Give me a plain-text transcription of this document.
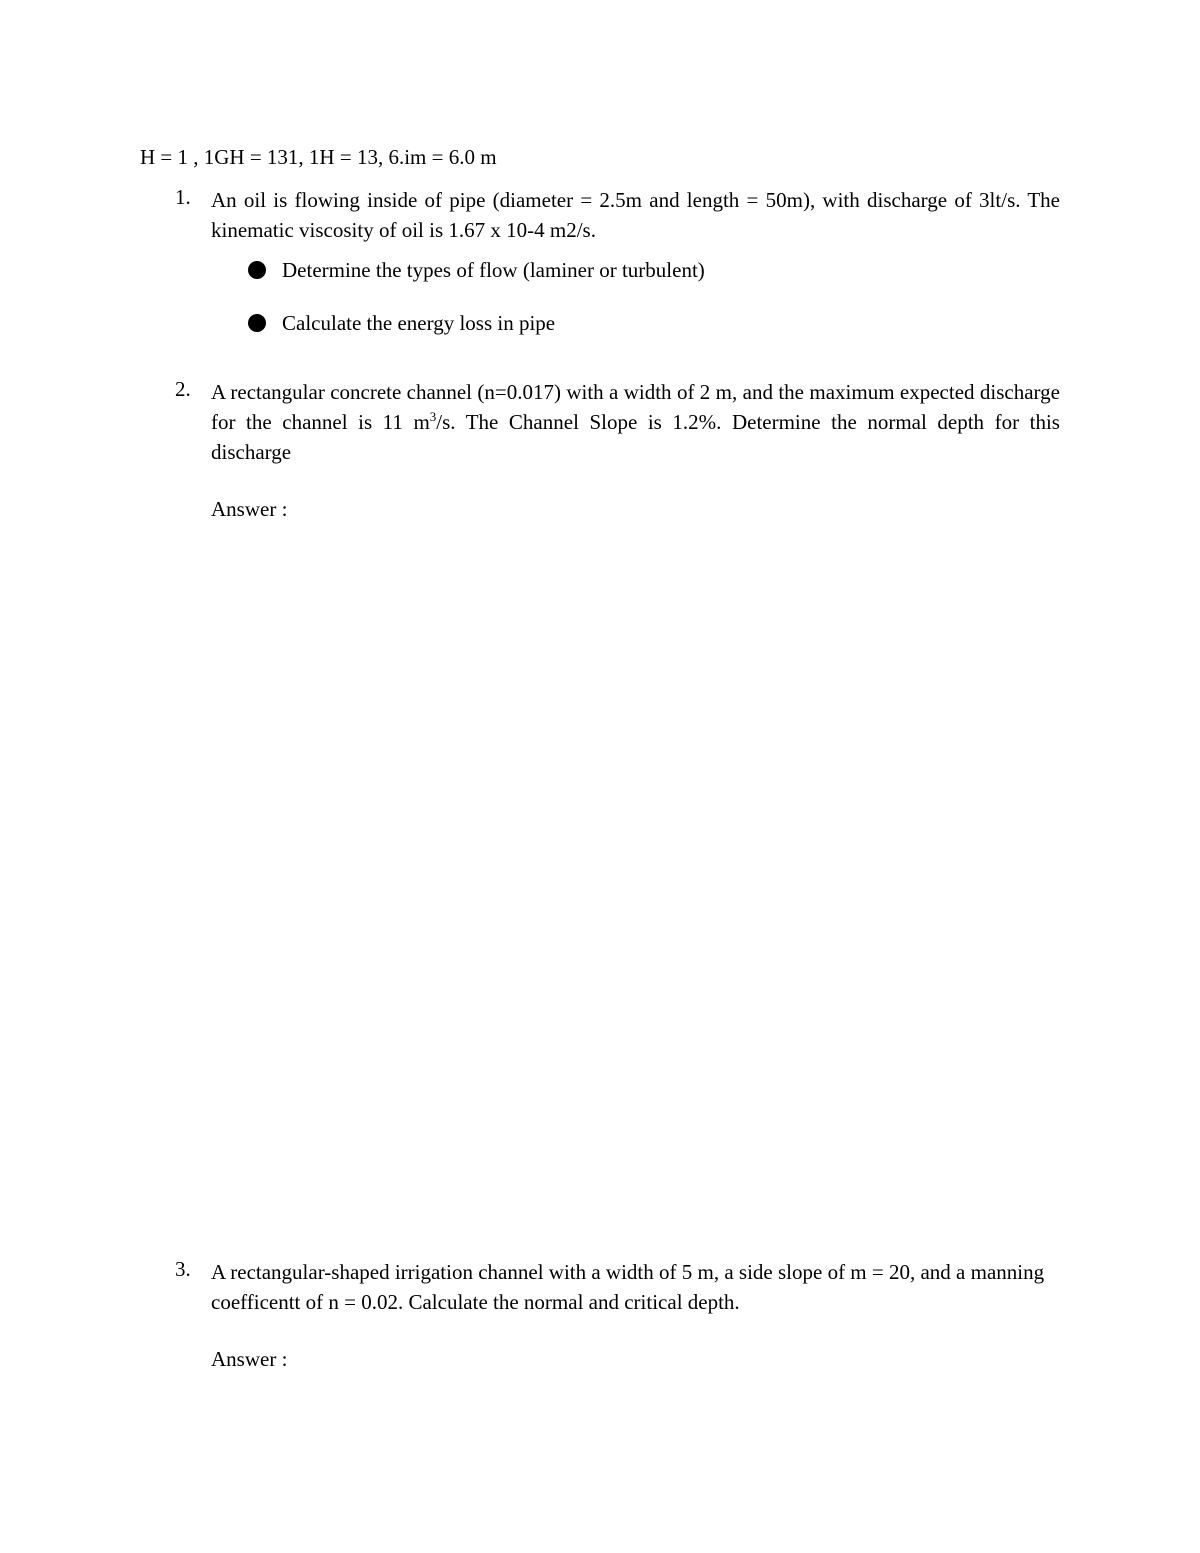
H = 1 , 1GH = 131, 1H = 13, 6.im = 6.0 m
1. An oil is flowing inside of pipe (diameter = 2.5m and length = 50m), with discharge of 3lt/s. The kinematic viscosity of oil is 1.67 x 10-4 m2/s.
Determine the types of flow (laminer or turbulent)
Calculate the energy loss in pipe
2. A rectangular concrete channel (n=0.017) with a width of 2 m, and the maximum expected discharge for the channel is 11 $m^3/s$. The Channel Slope is 1.2%. Determine the normal depth for this discharge
Answer :
3. A rectangular-shaped irrigation channel with a width of 5 m, a side slope of m = 20, and a manning coefficentt of n = 0.02. Calculate the normal and critical depth.
Answer :
